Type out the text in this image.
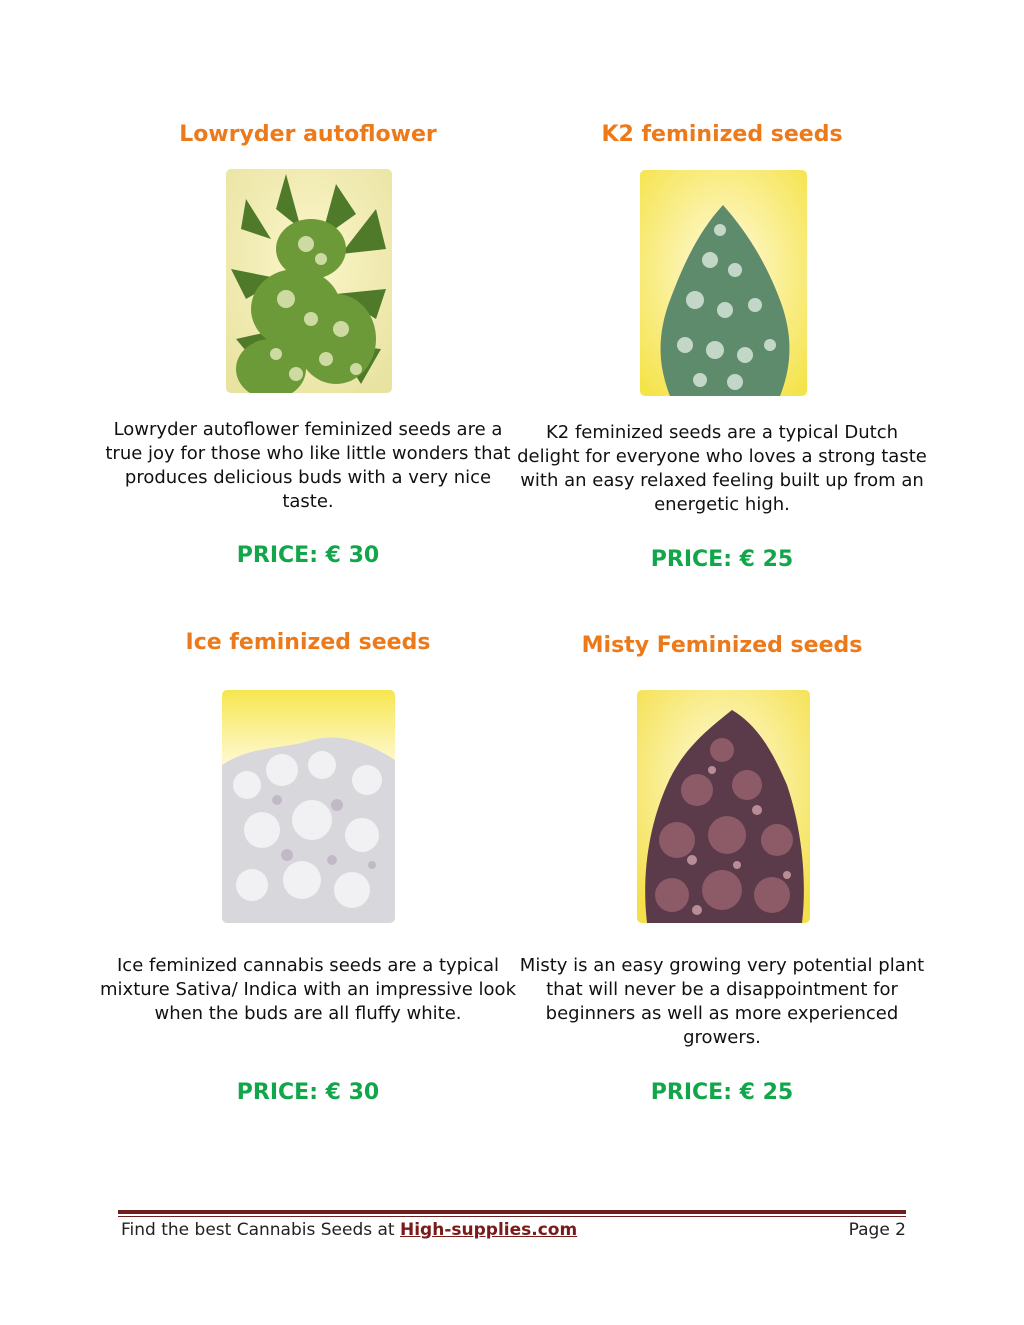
Lowryder autoflower
Lowryder autoflower feminized seeds are a true joy for those who like little wonders that produces delicious buds with a very nice taste.
PRICE: € 30
K2 feminized seeds
K2 feminized seeds are a typical Dutch delight for everyone who loves a strong taste with an easy relaxed feeling built up from an energetic high.
PRICE: € 25
Ice feminized seeds
Ice feminized cannabis seeds are a typical mixture Sativa/ Indica with an impressive look when the buds are all fluffy white.
PRICE: € 30
Misty Feminized seeds
Misty is an easy growing very potential plant that will never be a disappointment for beginners as well as more experienced growers.
PRICE: € 25
Find the best Cannabis Seeds at High-supplies.com	Page 2
